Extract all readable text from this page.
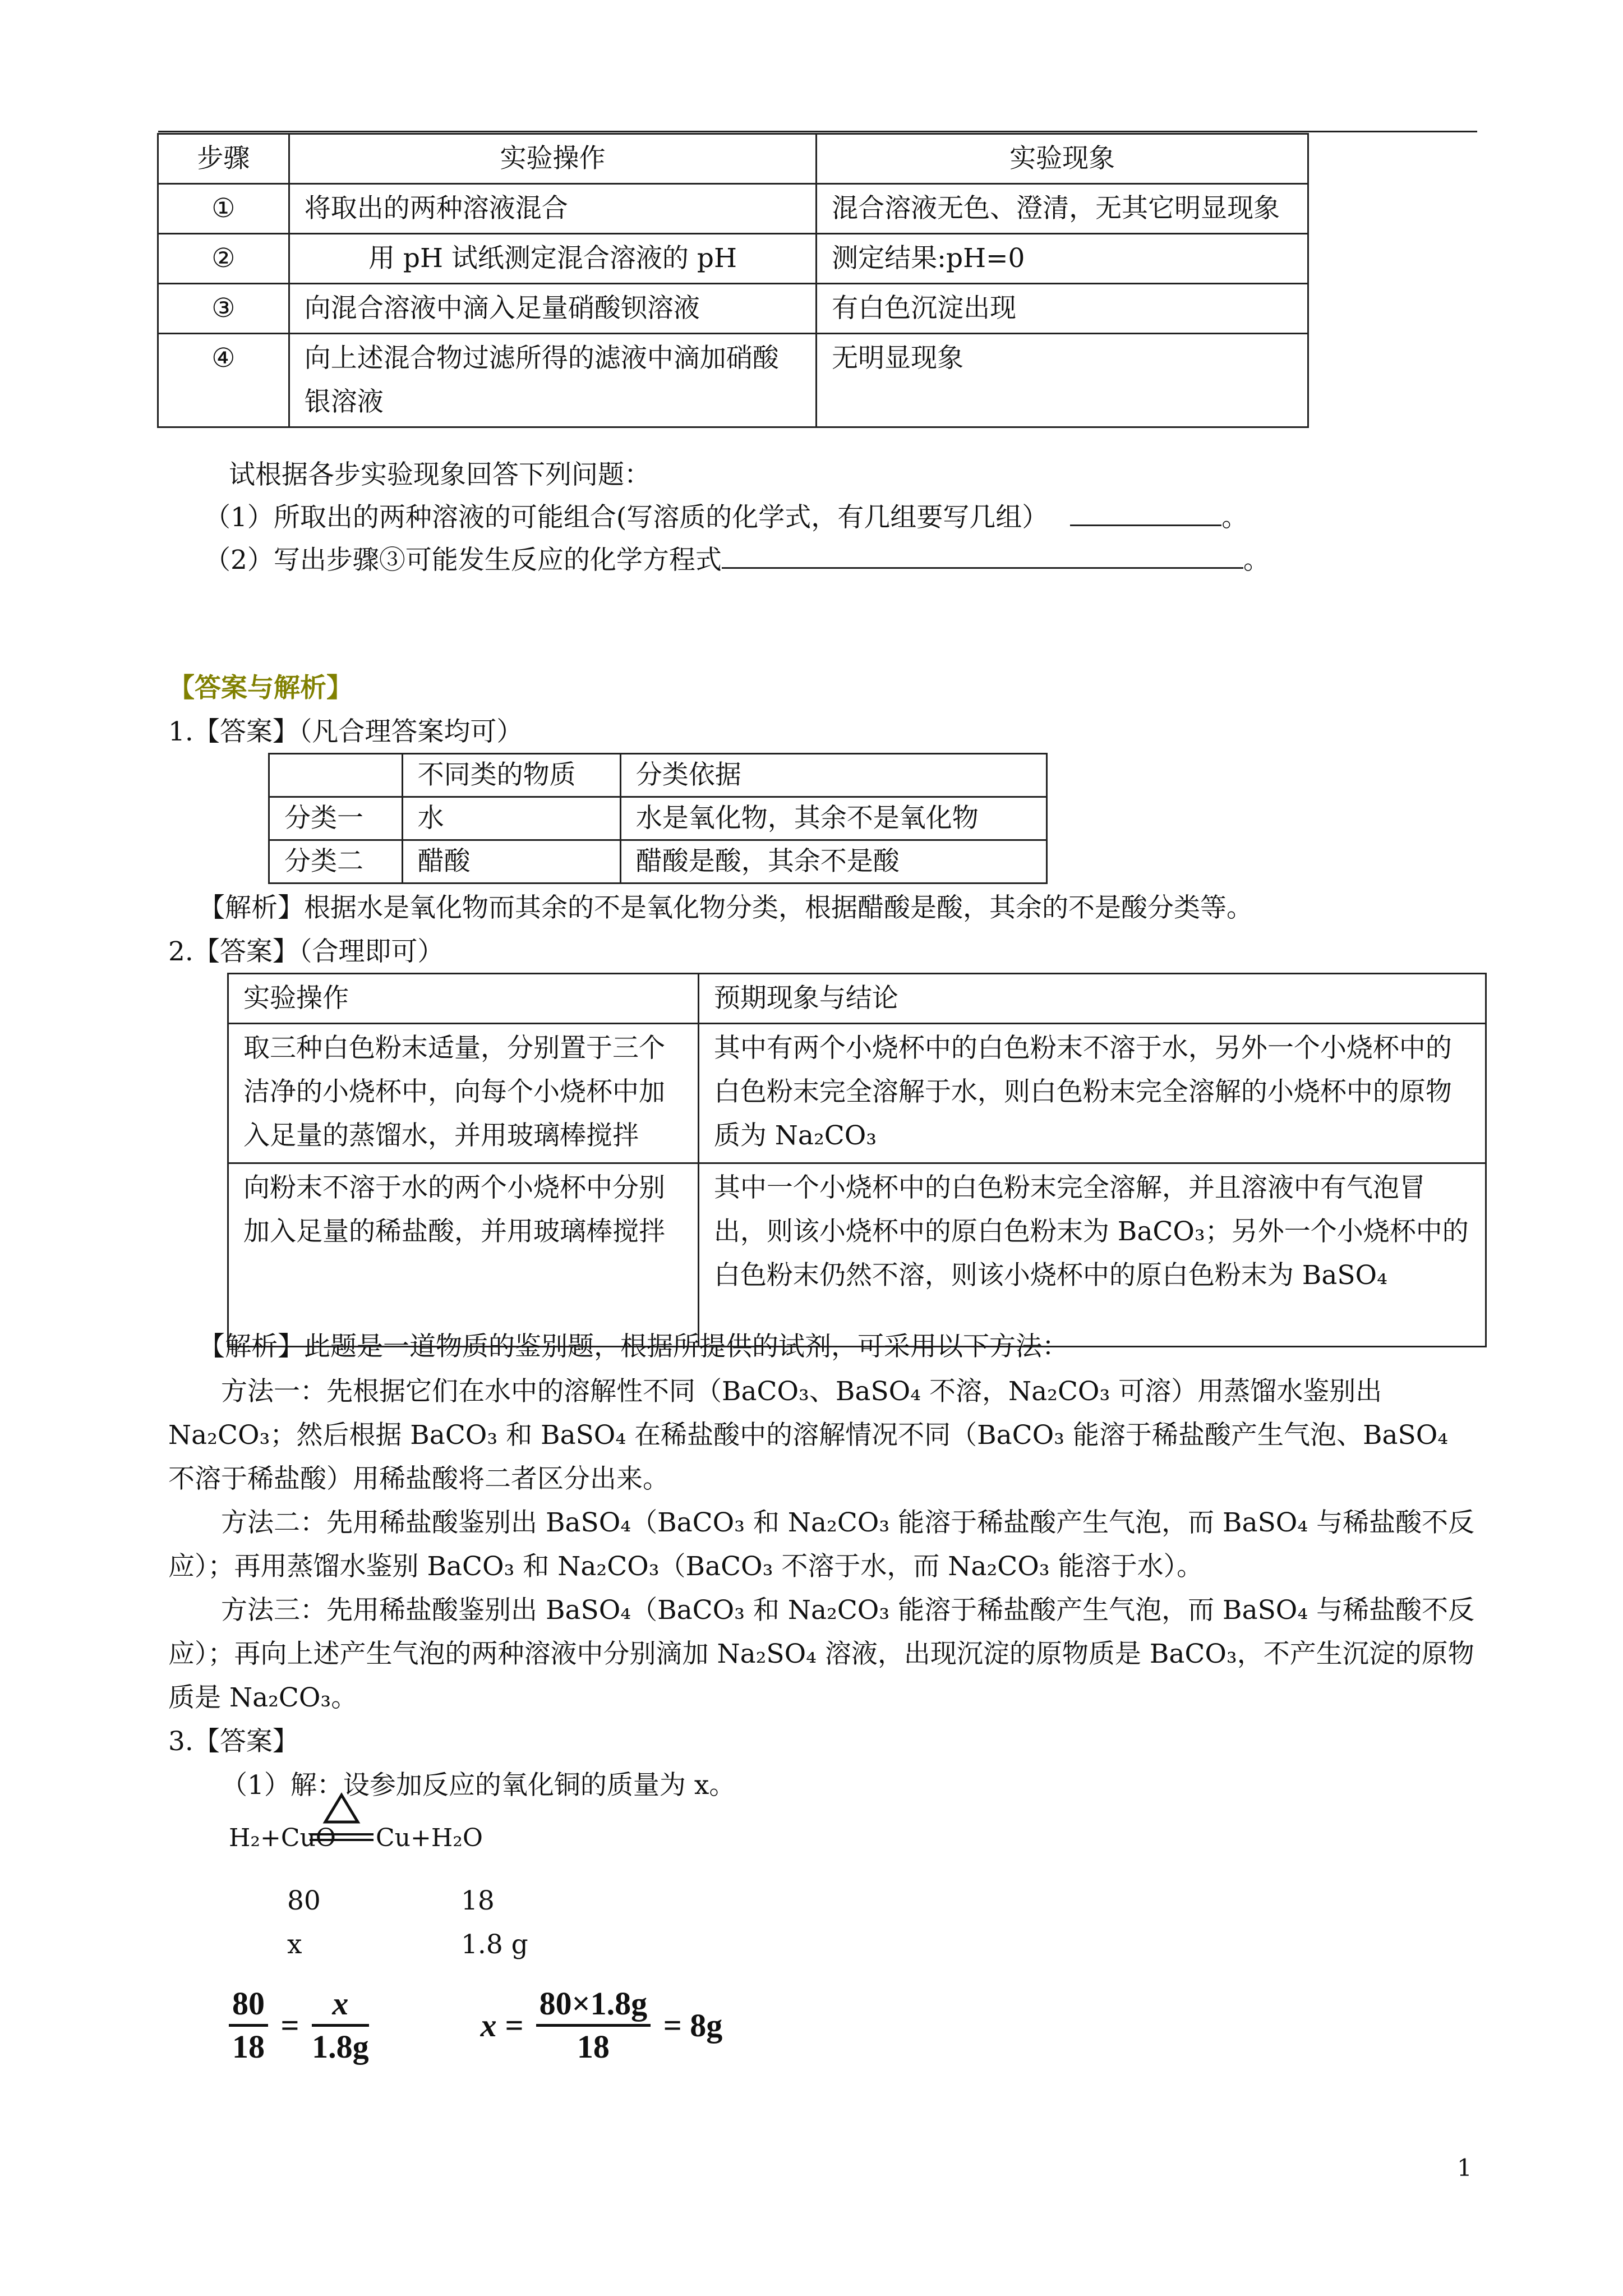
步骤	实验操作	实验现象
①	将取出的两种溶液混合	混合溶液无色、澄清，无其它明显现象
②	用 pH 试纸测定混合溶液的 pH	测定结果:pH=0
③	向混合溶液中滴入足量硝酸钡溶液	有白色沉淀出现
④	向上述混合物过滤所得的滤液中滴加硝酸银溶液	无明显现象
试根据各步实验现象回答下列问题：
（1）所取出的两种溶液的可能组合(写溶质的化学式，有几组要写几组）	。
（2）写出步骤③可能发生反应的化学方程式	。
【答案与解析】
1.【答案】（凡合理答案均可）
	不同类的物质	分类依据
分类一	水	水是氧化物，其余不是氧化物
分类二	醋酸	醋酸是酸，其余不是酸
【解析】根据水是氧化物而其余的不是氧化物分类，根据醋酸是酸，其余的不是酸分类等。
2.【答案】（合理即可）
实验操作	预期现象与结论
取三种白色粉末适量，分别置于三个洁净的小烧杯中，向每个小烧杯中加入足量的蒸馏水，并用玻璃棒搅拌	其中有两个小烧杯中的白色粉末不溶于水，另外一个小烧杯中的白色粉末完全溶解于水，则白色粉末完全溶解的小烧杯中的原物质为 Na₂CO₃
向粉末不溶于水的两个小烧杯中分别加入足量的稀盐酸，并用玻璃棒搅拌	其中一个小烧杯中的白色粉末完全溶解，并且溶液中有气泡冒出，则该小烧杯中的原白色粉末为 BaCO₃；另外一个小烧杯中的白色粉末仍然不溶，则该小烧杯中的原白色粉末为 BaSO₄
【解析】此题是一道物质的鉴别题，根据所提供的试剂，可采用以下方法：
方法一：先根据它们在水中的溶解性不同（BaCO₃、BaSO₄ 不溶，Na₂CO₃ 可溶）用蒸馏水鉴别出 Na₂CO₃；然后根据 BaCO₃ 和 BaSO₄ 在稀盐酸中的溶解情况不同（BaCO₃ 能溶于稀盐酸产生气泡、BaSO₄ 不溶于稀盐酸）用稀盐酸将二者区分出来。
方法二：先用稀盐酸鉴别出 BaSO₄（BaCO₃ 和 Na₂CO₃ 能溶于稀盐酸产生气泡，而 BaSO₄ 与稀盐酸不反应）；再用蒸馏水鉴别 BaCO₃ 和 Na₂CO₃（BaCO₃ 不溶于水，而 Na₂CO₃ 能溶于水）。
方法三：先用稀盐酸鉴别出 BaSO₄（BaCO₃ 和 Na₂CO₃ 能溶于稀盐酸产生气泡，而 BaSO₄ 与稀盐酸不反应）；再向上述产生气泡的两种溶液中分别滴加 Na₂SO₄ 溶液，出现沉淀的原物质是 BaCO₃，不产生沉淀的原物质是 Na₂CO₃。
3.【答案】
（1）解：设参加反应的氧化铜的质量为 x。
H₂+CuO Cu+H₂O
80	18
x	1.8 g
$\frac{80}{18} = \frac{x}{1.8g}$	$x = \frac{80\times 1.8g}{18} = 8g$
1
